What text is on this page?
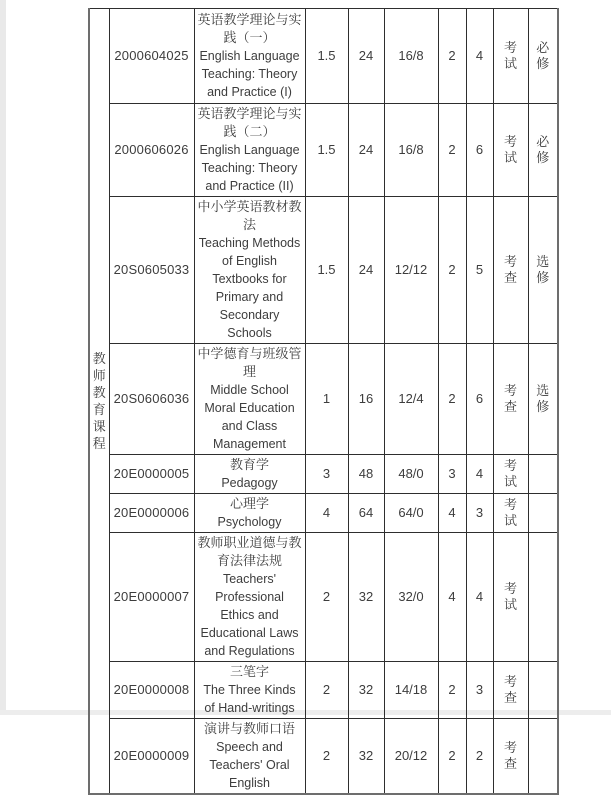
教师教育课程	2000604025	英语教学理论与实践（一）
English Language Teaching: Theory and Practice (I)	1.5	24	16/8	2	4	考试	必修
	2000606026	英语教学理论与实践（二）
English Language Teaching: Theory and Practice (II)	1.5	24	16/8	2	6	考试	必修
	20S0605033	中小学英语教材教法
Teaching Methods of English Textbooks for Primary and Secondary Schools	1.5	24	12/12	2	5	考查	选修
	20S0606036	中学德育与班级管理
Middle School Moral Education and Class Management	1	16	12/4	2	6	考查	选修
	20E0000005	教育学
Pedagogy	3	48	48/0	3	4	考试	
	20E0000006	心理学
Psychology	4	64	64/0	4	3	考试	
	20E0000007	教师职业道德与教育法律法规
Teachers' Professional Ethics and Educational Laws and Regulations	2	32	32/0	4	4	考试	
	20E0000008	三笔字
The Three Kinds of Hand-writings	2	32	14/18	2	3	考查	
	20E0000009	演讲与教师口语
Speech and Teachers' Oral English	2	32	20/12	2	2	考查	
